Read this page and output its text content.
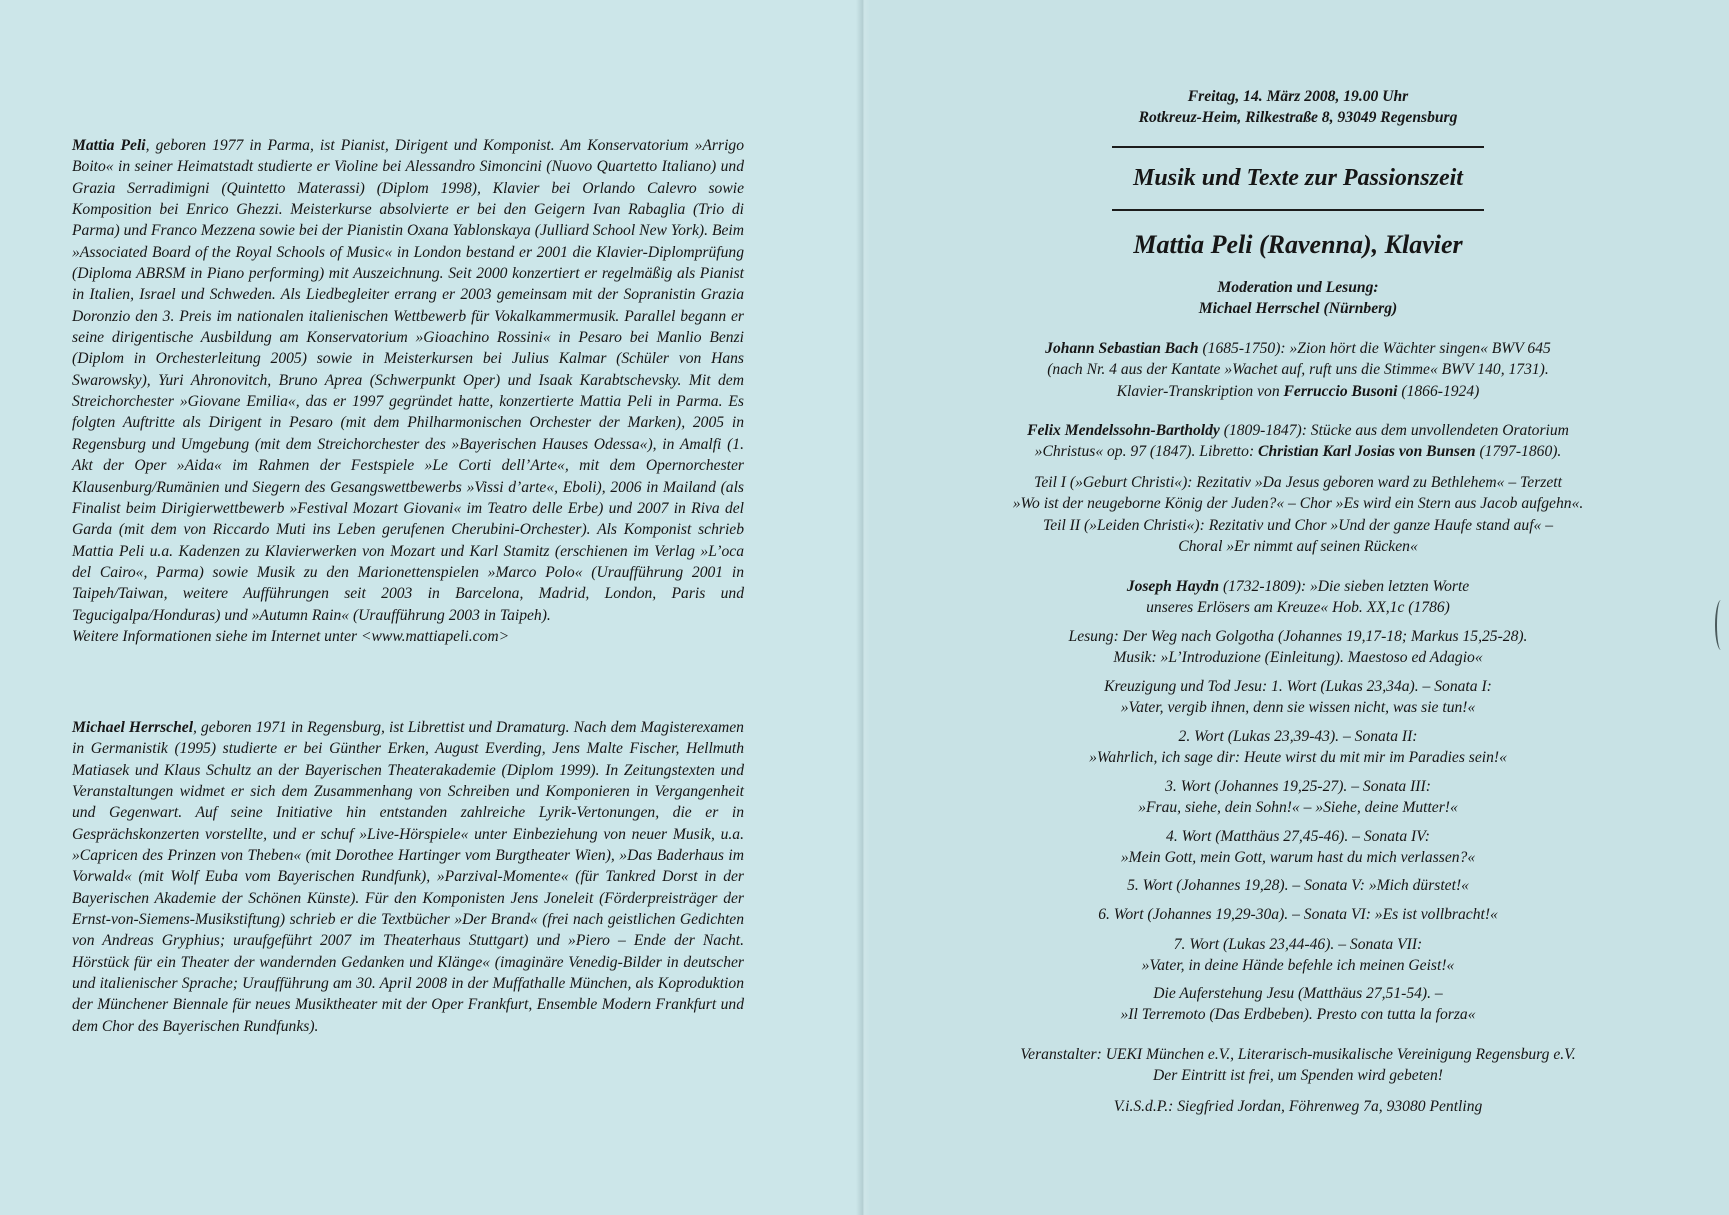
Mattia Peli, geboren 1977 in Parma, ist Pianist, Dirigent und Komponist. Am Konservatorium »Arrigo Boito« in seiner Heimatstadt studierte er Violine bei Alessandro Simoncini (Nuovo Quartetto Italiano) und Grazia Serradimigni (Quintetto Materassi) (Diplom 1998), Klavier bei Orlando Calevro sowie Komposition bei Enrico Ghezzi. Meisterkurse absolvierte er bei den Geigern Ivan Rabaglia (Trio di Parma) und Franco Mezzena sowie bei der Pianistin Oxana Yablonskaya (Julliard School New York). Beim »Associated Board of the Royal Schools of Music« in London bestand er 2001 die Klavier-Diplomprüfung (Diploma ABRSM in Piano performing) mit Auszeichnung. Seit 2000 konzertiert er regelmäßig als Pianist in Italien, Israel und Schweden. Als Liedbegleiter errang er 2003 gemeinsam mit der Sopranistin Grazia Doronzio den 3. Preis im nationalen italienischen Wettbewerb für Vokalkammermusik. Parallel begann er seine dirigentische Ausbildung am Konservatorium »Gioachino Rossini« in Pesaro bei Manlio Benzi (Diplom in Orchesterleitung 2005) sowie in Meisterkursen bei Julius Kalmar (Schüler von Hans Swarowsky), Yuri Ahronovitch, Bruno Aprea (Schwerpunkt Oper) und Isaak Karabtschevsky. Mit dem Streichorchester »Giovane Emilia«, das er 1997 gegründet hatte, konzertierte Mattia Peli in Parma. Es folgten Auftritte als Dirigent in Pesaro (mit dem Philharmonischen Orchester der Marken), 2005 in Regensburg und Umgebung (mit dem Streichorchester des »Bayerischen Hauses Odessa«), in Amalfi (1. Akt der Oper »Aida« im Rahmen der Festspiele »Le Corti dell’Arte«, mit dem Opernorchester Klausenburg/Rumänien und Siegern des Gesangswettbewerbs »Vissi d’arte«, Eboli), 2006 in Mailand (als Finalist beim Dirigierwettbewerb »Festival Mozart Giovani« im Teatro delle Erbe) und 2007 in Riva del Garda (mit dem von Riccardo Muti ins Leben gerufenen Cherubini-Orchester). Als Komponist schrieb Mattia Peli u.a. Kadenzen zu Klavierwerken von Mozart und Karl Stamitz (erschienen im Verlag »L’oca del Cairo«, Parma) sowie Musik zu den Marionettenspielen »Marco Polo« (Uraufführung 2001 in Taipeh/Taiwan, weitere Aufführungen seit 2003 in Barcelona, Madrid, London, Paris und Tegucigalpa/Honduras) und »Autumn Rain« (Uraufführung 2003 in Taipeh).
Weitere Informationen siehe im Internet unter <www.mattiapeli.com>

Michael Herrschel, geboren 1971 in Regensburg, ist Librettist und Dramaturg. Nach dem Magisterexamen in Germanistik (1995) studierte er bei Günther Erken, August Everding, Jens Malte Fischer, Hellmuth Matiasek und Klaus Schultz an der Bayerischen Theaterakademie (Diplom 1999). In Zeitungstexten und Veranstaltungen widmet er sich dem Zusammenhang von Schreiben und Komponieren in Vergangenheit und Gegenwart. Auf seine Initiative hin entstanden zahlreiche Lyrik-Vertonungen, die er in Gesprächskonzerten vorstellte, und er schuf »Live-Hörspiele« unter Einbeziehung von neuer Musik, u.a. »Capricen des Prinzen von Theben« (mit Dorothee Hartinger vom Burgtheater Wien), »Das Baderhaus im Vorwald« (mit Wolf Euba vom Bayerischen Rundfunk), »Parzival-Momente« (für Tankred Dorst in der Bayerischen Akademie der Schönen Künste). Für den Komponisten Jens Joneleit (Förderpreisträger der Ernst-von-Siemens-Musikstiftung) schrieb er die Textbücher »Der Brand« (frei nach geistlichen Gedichten von Andreas Gryphius; uraufgeführt 2007 im Theaterhaus Stuttgart) und »Piero – Ende der Nacht. Hörstück für ein Theater der wandernden Gedanken und Klänge« (imaginäre Venedig-Bilder in deutscher und italienischer Sprache; Uraufführung am 30. April 2008 in der Muffathalle München, als Koproduktion der Münchener Biennale für neues Musiktheater mit der Oper Frankfurt, Ensemble Modern Frankfurt und dem Chor des Bayerischen Rundfunks).

Freitag, 14. März 2008, 19.00 Uhr
Rotkreuz-Heim, Rilkestraße 8, 93049 Regensburg
Musik und Texte zur Passionszeit
Mattia Peli (Ravenna), Klavier
Moderation und Lesung:
Michael Herrschel (Nürnberg)
Johann Sebastian Bach (1685-1750): »Zion hört die Wächter singen« BWV 645
(nach Nr. 4 aus der Kantate »Wachet auf, ruft uns die Stimme« BWV 140, 1731).
Klavier-Transkription von Ferruccio Busoni (1866-1924)
Felix Mendelssohn-Bartholdy (1809-1847): Stücke aus dem unvollendeten Oratorium
»Christus« op. 97 (1847). Libretto: Christian Karl Josias von Bunsen (1797-1860).
Teil I (»Geburt Christi«): Rezitativ »Da Jesus geboren ward zu Bethlehem« – Terzett
»Wo ist der neugeborne König der Juden?« – Chor »Es wird ein Stern aus Jacob aufgehn«.
Teil II (»Leiden Christi«): Rezitativ und Chor »Und der ganze Haufe stand auf« –
Choral »Er nimmt auf seinen Rücken«
Joseph Haydn (1732-1809): »Die sieben letzten Worte
unseres Erlösers am Kreuze« Hob. XX,1c (1786)
Lesung: Der Weg nach Golgotha (Johannes 19,17-18; Markus 15,25-28).
Musik: »L’Introduzione (Einleitung). Maestoso ed Adagio«
Kreuzigung und Tod Jesu: 1. Wort (Lukas 23,34a). – Sonata I:
»Vater, vergib ihnen, denn sie wissen nicht, was sie tun!«
2. Wort (Lukas 23,39-43). – Sonata II:
»Wahrlich, ich sage dir: Heute wirst du mit mir im Paradies sein!«
3. Wort (Johannes 19,25-27). – Sonata III:
»Frau, siehe, dein Sohn!« – »Siehe, deine Mutter!«
4. Wort (Matthäus 27,45-46). – Sonata IV:
»Mein Gott, mein Gott, warum hast du mich verlassen?«
5. Wort (Johannes 19,28). – Sonata V: »Mich dürstet!«
6. Wort (Johannes 19,29-30a). – Sonata VI: »Es ist vollbracht!«
7. Wort (Lukas 23,44-46). – Sonata VII:
»Vater, in deine Hände befehle ich meinen Geist!«
Die Auferstehung Jesu (Matthäus 27,51-54). –
»Il Terremoto (Das Erdbeben). Presto con tutta la forza«
Veranstalter: UEKI München e.V., Literarisch-musikalische Vereinigung Regensburg e.V.
Der Eintritt ist frei, um Spenden wird gebeten!
V.i.S.d.P.: Siegfried Jordan, Föhrenweg 7a, 93080 Pentling
